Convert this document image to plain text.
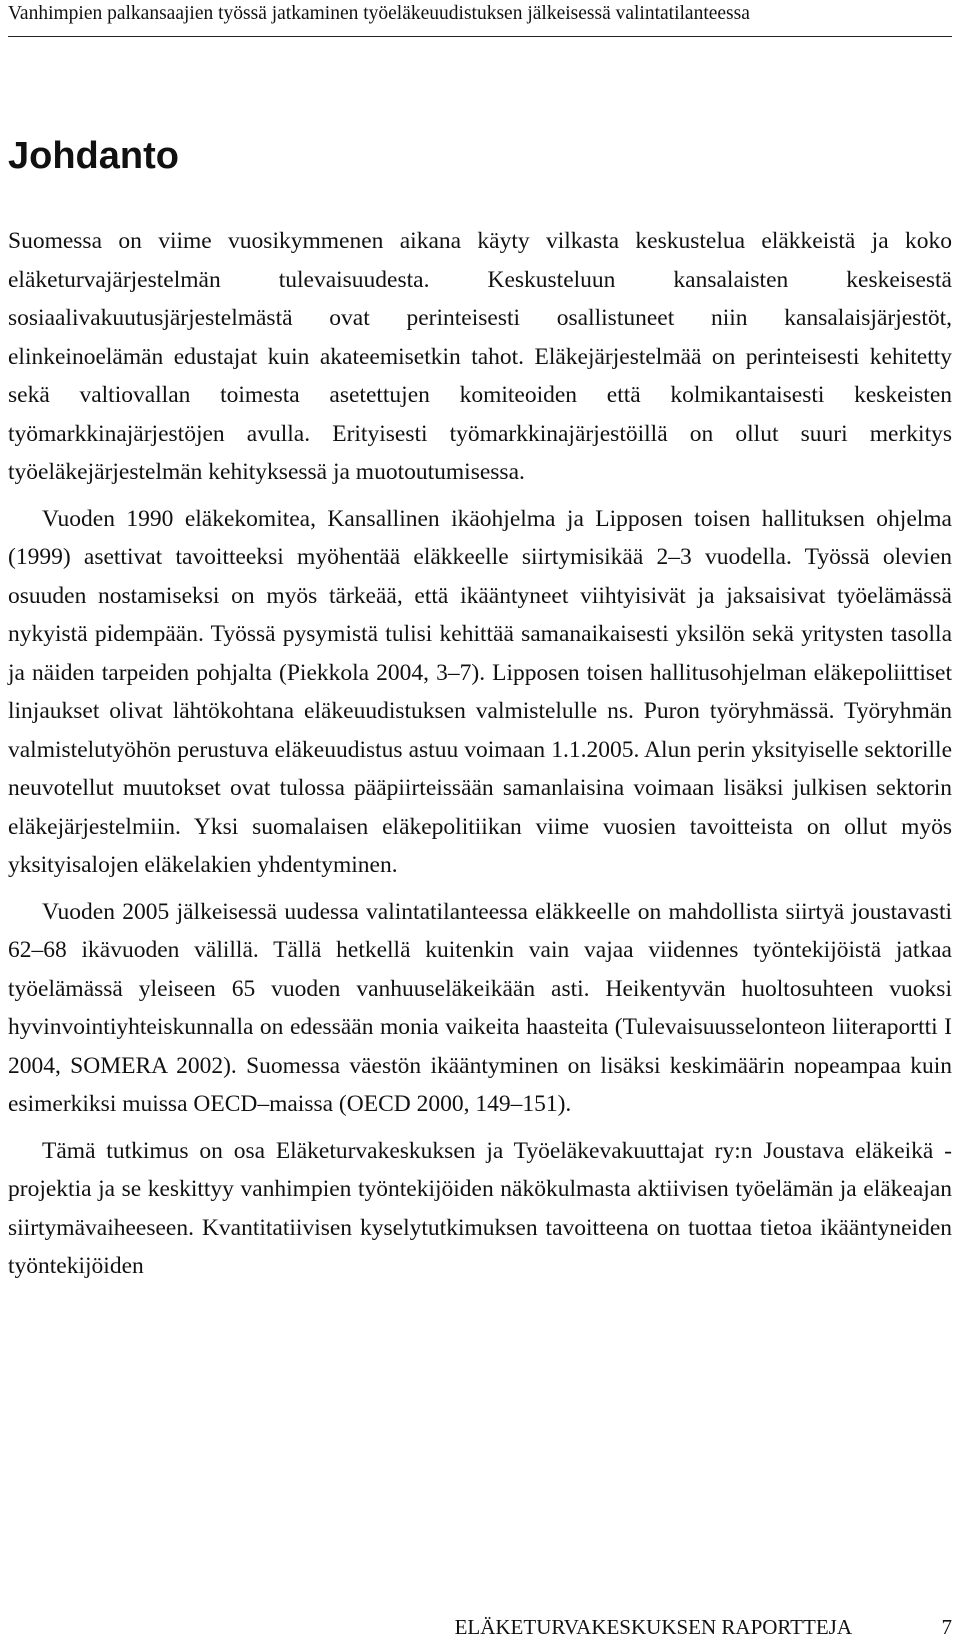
Vanhimpien palkansaajien työssä jatkaminen työeläkeuudistuksen jälkeisessä valintatilanteessa
Johdanto

Suomessa on viime vuosikymmenen aikana käyty vilkasta keskustelua eläkkeistä ja koko eläketurvajärjestelmän tulevaisuudesta. Keskusteluun kansalaisten keskeisestä sosiaalivakuutusjärjestelmästä ovat perinteisesti osallistuneet niin kansalaisjärjestöt, elinkeinoelämän edustajat kuin akateemisetkin tahot. Eläkejärjestelmää on perinteisesti kehitetty sekä valtiovallan toimesta asetettujen komiteoiden että kolmikantaisesti keskeisten työmarkkinajärjestöjen avulla. Erityisesti työmarkkinajärjestöillä on ollut suuri merkitys työeläkejärjestelmän kehityksessä ja muotoutumisessa.

Vuoden 1990 eläkekomitea, Kansallinen ikäohjelma ja Lipposen toisen hallituksen ohjelma (1999) asettivat tavoitteeksi myöhentää eläkkeelle siirtymisikää 2–3 vuodella. Työssä olevien osuuden nostamiseksi on myös tärkeää, että ikääntyneet viihtyisivät ja jaksaisivat työelämässä nykyistä pidempään. Työssä pysymistä tulisi kehittää samanaikaisesti yksilön sekä yritysten tasolla ja näiden tarpeiden pohjalta (Piekkola 2004, 3–7). Lipposen toisen hallitusohjelman eläkepoliittiset linjaukset olivat lähtökohtana eläkeuudistuksen valmistelulle ns. Puron työryhmässä. Työryhmän valmistelutyöhön perustuva eläkeuudistus astuu voimaan 1.1.2005. Alun perin yksityiselle sektorille neuvotellut muutokset ovat tulossa pääpiirteissään samanlaisina voimaan lisäksi julkisen sektorin eläkejärjestelmiin. Yksi suomalaisen eläkepolitiikan viime vuosien tavoitteista on ollut myös yksityisalojen eläkelakien yhdentyminen.

Vuoden 2005 jälkeisessä uudessa valintatilanteessa eläkkeelle on mahdollista siirtyä joustavasti 62–68 ikävuoden välillä. Tällä hetkellä kuitenkin vain vajaa viidennes työntekijöistä jatkaa työelämässä yleiseen 65 vuoden vanhuuseläkeikään asti. Heikentyvän huoltosuhteen vuoksi hyvinvointiyhteiskunnalla on edessään monia vaikeita haasteita (Tulevaisuusselonteon liiteraportti I 2004, SOMERA 2002). Suomessa väestön ikääntyminen on lisäksi keskimäärin nopeampaa kuin esimerkiksi muissa OECD–maissa (OECD 2000, 149–151).

Tämä tutkimus on osa Eläketurvakeskuksen ja Työeläkevakuuttajat ry:n Joustava eläkeikä -projektia ja se keskittyy vanhimpien työntekijöiden näkökulmasta aktiivisen työelämän ja eläkeajan siirtymävaiheeseen. Kvantitatiivisen kyselytutkimuksen tavoitteena on tuottaa tietoa ikääntyneiden työntekijöiden

ELÄKETURVAKESKUKSEN RAPORTTEJA	7
